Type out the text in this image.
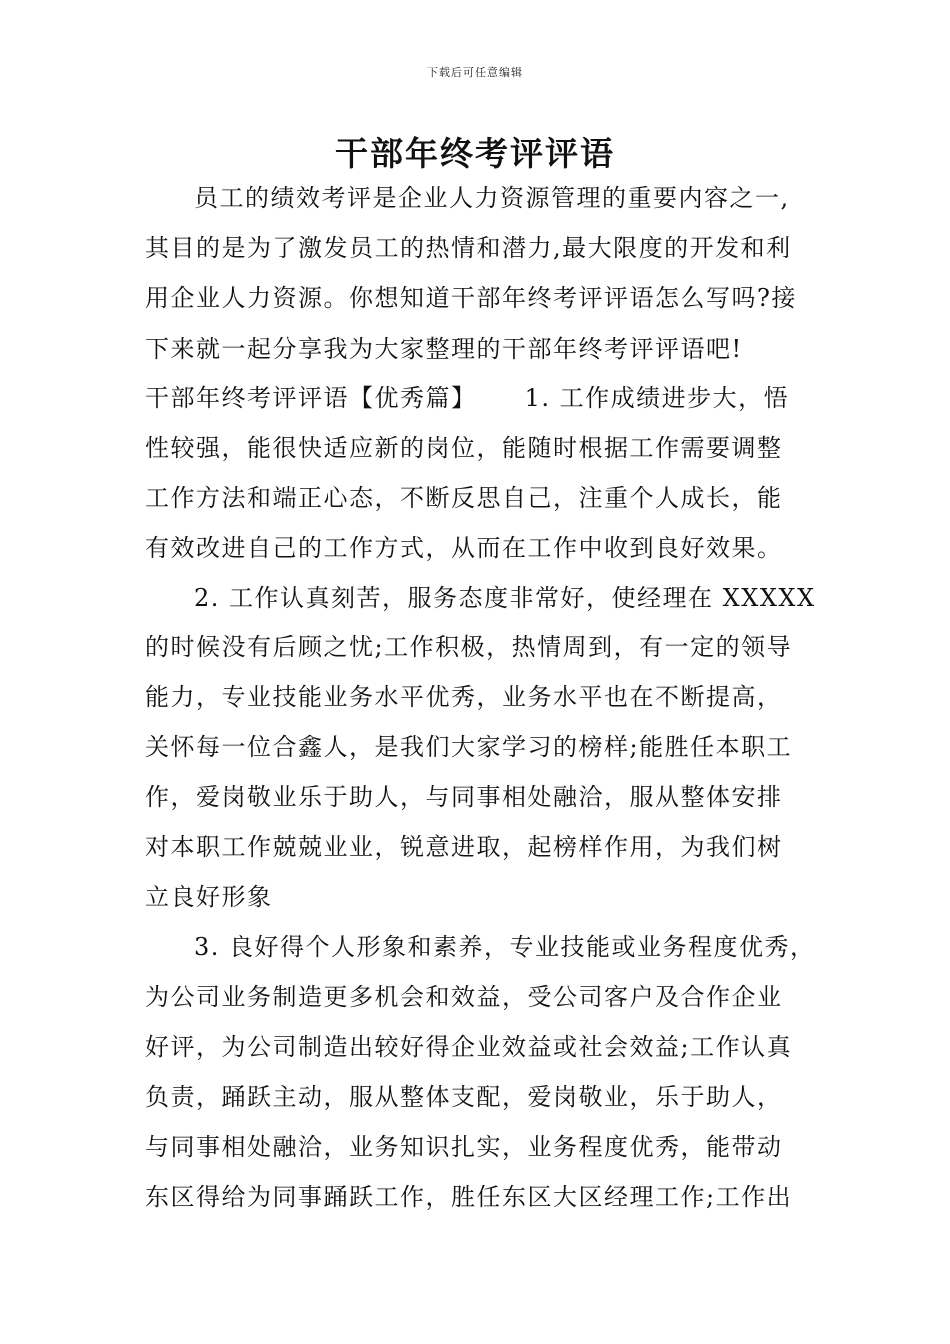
下载后可任意编辑
干部年终考评评语
员工的绩效考评是企业人力资源管理的重要内容之一,
其目的是为了激发员工的热情和潜力,最大限度的开发和利
用企业人力资源。你想知道干部年终考评评语怎么写吗?接
下来就一起分享我为大家整理的干部年终考评评语吧!
干部年终考评评语【优秀篇】　　 1. 工作成绩进步大，悟
性较强，能很快适应新的岗位，能随时根据工作需要调整
工作方法和端正心态，不断反思自己，注重个人成长，能
有效改进自己的工作方式，从而在工作中收到良好效果。
2. 工作认真刻苦，服务态度非常好，使经理在 XXXXX
的时候没有后顾之忧;工作积极，热情周到，有一定的领导
能力，专业技能业务水平优秀，业务水平也在不断提高，
关怀每一位合鑫人，是我们大家学习的榜样;能胜任本职工
作，爱岗敬业乐于助人，与同事相处融洽，服从整体安排
对本职工作兢兢业业，锐意进取，起榜样作用，为我们树
立良好形象
3. 良好得个人形象和素养，专业技能或业务程度优秀，
为公司业务制造更多机会和效益，受公司客户及合作企业
好评，为公司制造出较好得企业效益或社会效益;工作认真
负责，踊跃主动，服从整体支配，爱岗敬业，乐于助人，
与同事相处融洽，业务知识扎实，业务程度优秀，能带动
东区得给为同事踊跃工作，胜任东区大区经理工作;工作出
